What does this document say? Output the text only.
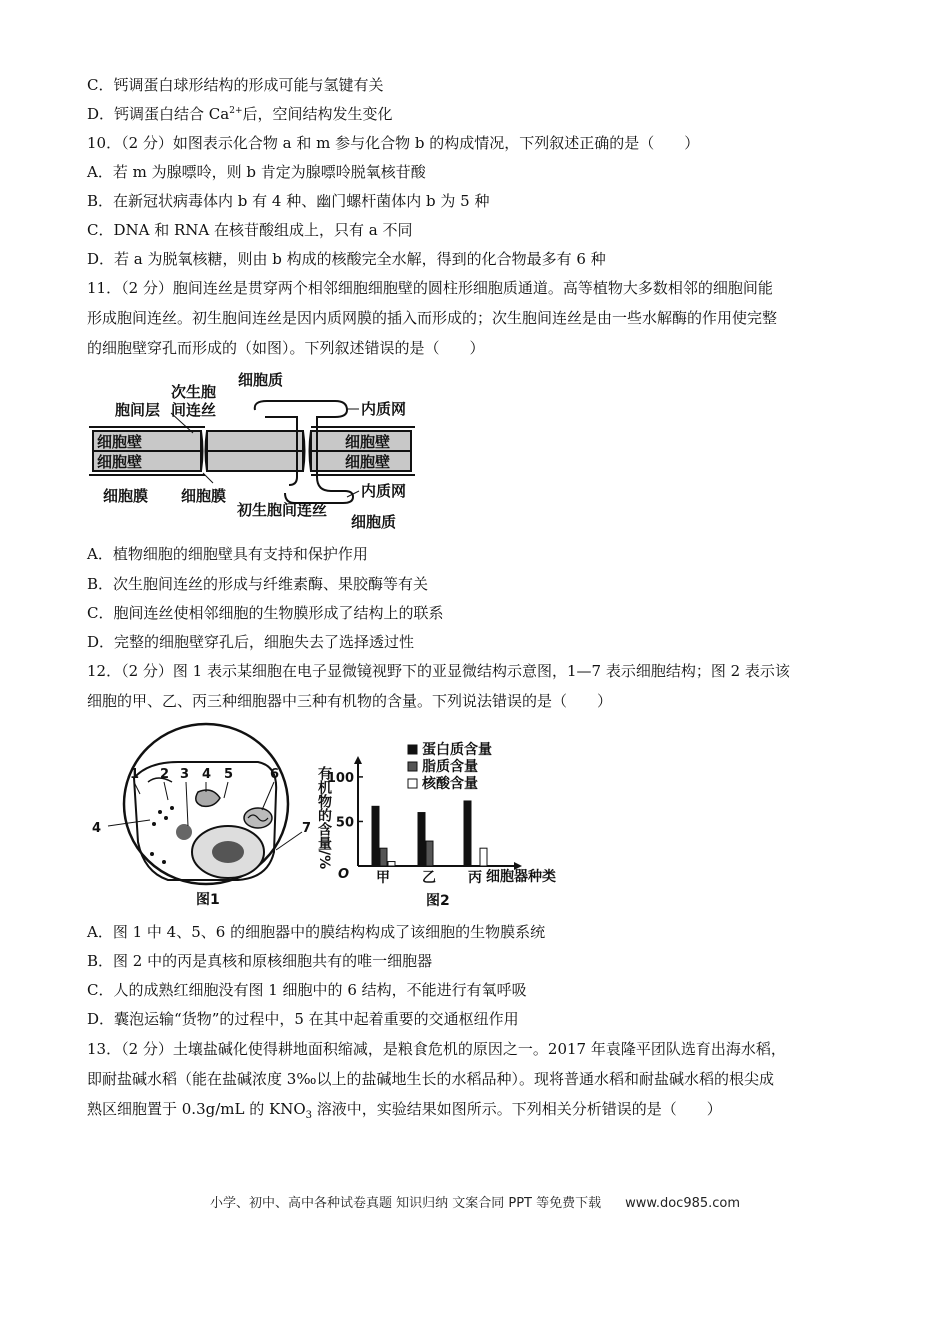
C．钙调蛋白球形结构的形成可能与氢键有关
D．钙调蛋白结合 $Ca^{2+}$后，空间结构发生变化
10．（2 分）如图表示化合物 a 和 m 参与化合物 b 的构成情况，下列叙述正确的是（　　）
A．若 m 为腺嘌呤，则 b 肯定为腺嘌呤脱氧核苷酸
B．在新冠状病毒体内 b 有 4 种、幽门螺杆菌体内 b 为 5 种
C．DNA 和 RNA 在核苷酸组成上，只有 a 不同
D．若 a 为脱氧核糖，则由 b 构成的核酸完全水解，得到的化合物最多有 6 种
11．（2 分）胞间连丝是贯穿两个相邻细胞细胞壁的圆柱形细胞质通道。高等植物大多数相邻的细胞间能
形成胞间连丝。初生胞间连丝是因内质网膜的插入而形成的；次生胞间连丝是由一些水解酶的作用使完整
的细胞壁穿孔而形成的（如图）。下列叙述错误的是（　　）
细胞质
次生胞
间连丝
胞间层	内质网
细胞壁
细胞壁
细胞壁
细胞壁
细胞膜 细胞膜	内质网
初生胞间连丝
细胞质
A．植物细胞的细胞壁具有支持和保护作用
B．次生胞间连丝的形成与纤维素酶、果胶酶等有关
C．胞间连丝使相邻细胞的生物膜形成了结构上的联系
D．完整的细胞壁穿孔后，细胞失去了选择透过性
12．（2 分）图 1 表示某细胞在电子显微镜视野下的亚显微结构示意图，1—7 表示细胞结构；图 2 表示该
细胞的甲、乙、丙三种细胞器中三种有机物的含量。下列说法错误的是（　　）
1 2 3 4 5	6
4	7
图1
50
100
甲 乙 丙
蛋白质含量
脂质含量
核酸含量
有机物的含量/%
O	细胞器种类
图2
A．图 1 中 4、5、6 的细胞器中的膜结构构成了该细胞的生物膜系统
B．图 2 中的丙是真核和原核细胞共有的唯一细胞器
C．人的成熟红细胞没有图 1 细胞中的 6 结构，不能进行有氧呼吸
D．囊泡运输“货物”的过程中，5 在其中起着重要的交通枢纽作用
13．（2 分）土壤盐碱化使得耕地面积缩减，是粮食危机的原因之一。2017 年袁隆平团队选育出海水稻，
即耐盐碱水稻（能在盐碱浓度 3‰以上的盐碱地生长的水稻品种）。现将普通水稻和耐盐碱水稻的根尖成
熟区细胞置于 0.3g/mL 的 $KNO_3$ 溶液中，实验结果如图所示。下列相关分析错误的是（　　）
小学、初中、高中各种试卷真题 知识归纳 文案合同 PPT 等免费下载 www.doc985.com
